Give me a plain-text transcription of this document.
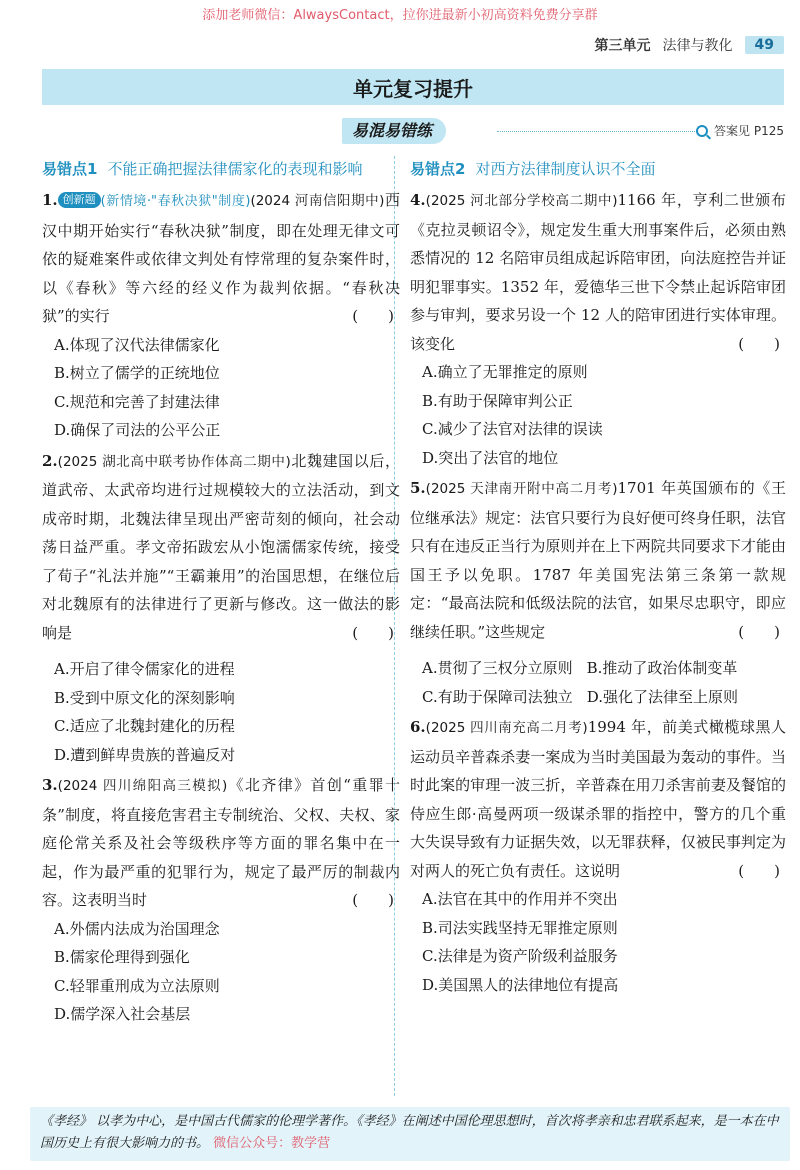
添加老师微信：AlwaysContact，拉你进最新小初高资料免费分享群
第三单元 法律与教化	49
单元复习提升
易混易错练	答案见 P125
易错点1 不能正确把握法律儒家化的表现和影响
1. 创新题 (新情境·"春秋决狱"制度)(2024 河南信阳期中)西汉中期开始实行“春秋决狱”制度，即在处理无律文可依的疑难案件或依律文判处有悖常理的复杂案件时，以《春秋》等六经的经义作为裁判依据。“春秋决狱”的实行	(　　)
A.体现了汉代法律儒家化
B.树立了儒学的正统地位
C.规范和完善了封建法律
D.确保了司法的公平公正
2.(2025 湖北高中联考协作体高二期中)北魏建国以后，道武帝、太武帝均进行过规模较大的立法活动，到文成帝时期，北魏法律呈现出严密苛刻的倾向，社会动荡日益严重。孝文帝拓跋宏从小饱濡儒家传统，接受了荀子“礼法并施”“王霸兼用”的治国思想，在继位后对北魏原有的法律进行了更新与修改。这一做法的影响是	(　　)
A.开启了律令儒家化的进程
B.受到中原文化的深刻影响
C.适应了北魏封建化的历程
D.遭到鲜卑贵族的普遍反对
3.(2024 四川绵阳高三模拟)《北齐律》首创“重罪十条”制度，将直接危害君主专制统治、父权、夫权、家庭伦常关系及社会等级秩序等方面的罪名集中在一起，作为最严重的犯罪行为，规定了最严厉的制裁内容。这表明当时	(　　)
A.外儒内法成为治国理念
B.儒家伦理得到强化
C.轻罪重刑成为立法原则
D.儒学深入社会基层
易错点2 对西方法律制度认识不全面
4.(2025 河北部分学校高二期中)1166 年，亨利二世颁布《克拉灵顿诏令》，规定发生重大刑事案件后，必须由熟悉情况的 12 名陪审员组成起诉陪审团，向法庭控告并证明犯罪事实。1352 年，爱德华三世下令禁止起诉陪审团参与审判，要求另设一个 12 人的陪审团进行实体审理。该变化	(　　)
A.确立了无罪推定的原则
B.有助于保障审判公正
C.减少了法官对法律的误读
D.突出了法官的地位
5.(2025 天津南开附中高二月考)1701 年英国颁布的《王位继承法》规定：法官只要行为良好便可终身任职，法官只有在违反正当行为原则并在上下两院共同要求下才能由国王予以免职。1787 年美国宪法第三条第一款规定：“最高法院和低级法院的法官，如果尽忠职守，即应继续任职。”这些规定	(　　)
A.贯彻了三权分立原则 B.推动了政治体制变革
C.有助于保障司法独立 D.强化了法律至上原则
6.(2025 四川南充高二月考)1994 年，前美式橄榄球黑人运动员辛普森杀妻一案成为当时美国最为轰动的事件。当时此案的审理一波三折，辛普森在用刀杀害前妻及餐馆的侍应生郎·高曼两项一级谋杀罪的指控中，警方的几个重大失误导致有力证据失效，以无罪获释，仅被民事判定为对两人的死亡负有责任。这说明	(　　)
A.法官在其中的作用并不突出
B.司法实践坚持无罪推定原则
C.法律是为资产阶级利益服务
D.美国黑人的法律地位有提高
《孝经》 以孝为中心，是中国古代儒家的伦理学著作。《孝经》在阐述中国伦理思想时，首次将孝亲和忠君联系起来，是一本在中国历史上有很大影响力的书。 微信公众号：教学营
